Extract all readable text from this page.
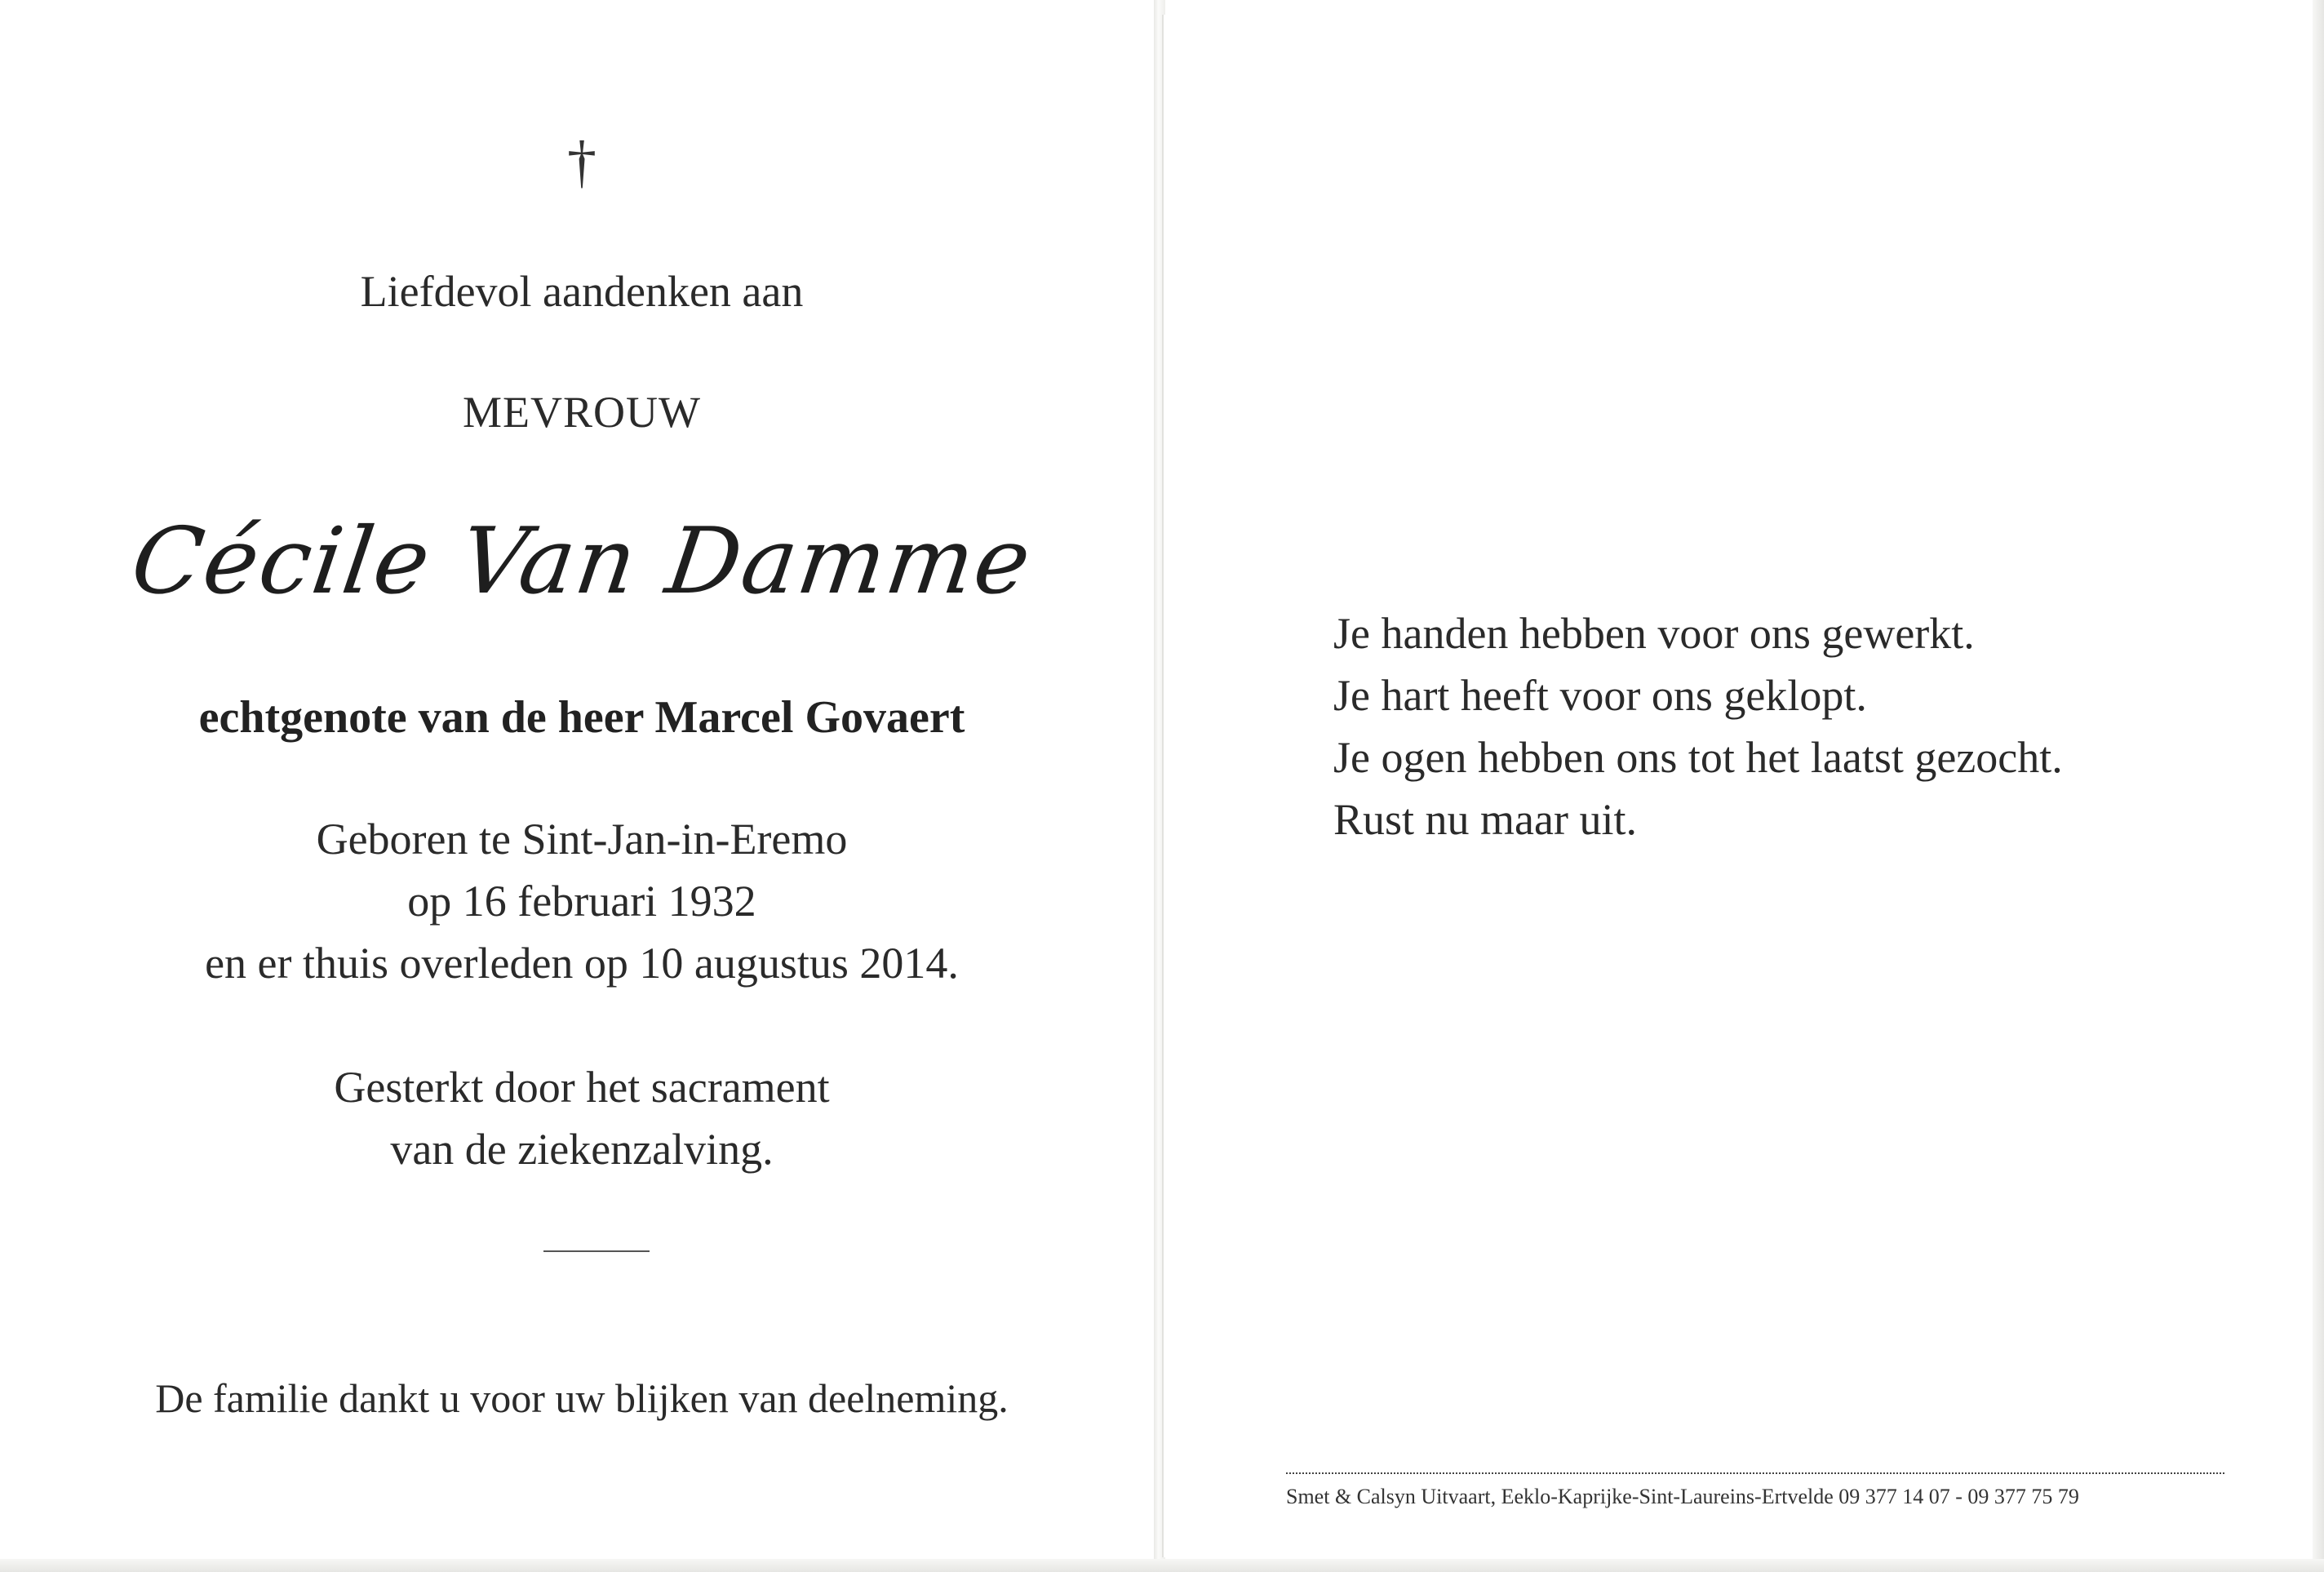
†
Liefdevol aandenken aan
MEVROUW
Cécile Van Damme
echtgenote van de heer Marcel Govaert
Geboren te Sint-Jan-in-Eremo
op 16 februari 1932
en er thuis overleden op 10 augustus 2014.
Gesterkt door het sacrament
van de ziekenzalving.
De familie dankt u voor uw blijken van deelneming.
Je handen hebben voor ons gewerkt.
Je hart heeft voor ons geklopt.
Je ogen hebben ons tot het laatst gezocht.
Rust nu maar uit.
Smet & Calsyn Uitvaart, Eeklo-Kaprijke-Sint-Laureins-Ertvelde 09 377 14 07 - 09 377 75 79
